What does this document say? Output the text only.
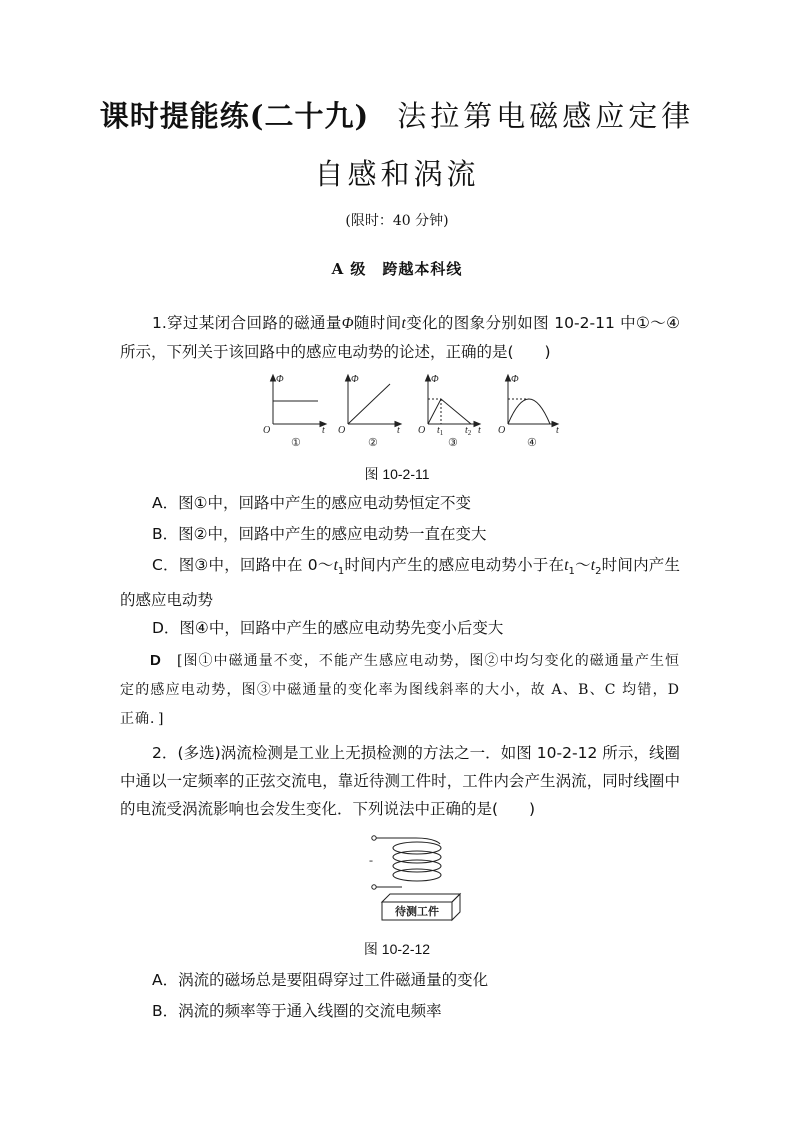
课时提能练(二十九) 法拉第电磁感应定律
自感和涡流
(限时：40 分钟)
A 级　跨越本科线
1.穿过某闭合回路的磁通量Φ随时间t变化的图象分别如图 10-2-11 中①～④所示，下列关于该回路中的感应电动势的论述，正确的是(　　)
Φ
O	t
Φ
O	t
Φ
O $t_1$ $t_2$ t
Φ
O	t
①	②	③	④
图 10-2-11
A．图①中，回路中产生的感应电动势恒定不变
B．图②中，回路中产生的感应电动势一直在变大
C．图③中，回路中在 $0\sim t_1$时间内产生的感应电动势小于在$t_1\sim t_2$时间内产生的感应电动势
D．图④中，回路中产生的感应电动势先变小后变大
D　 [图①中磁通量不变，不能产生感应电动势，图②中均匀变化的磁通量产生恒定的感应电动势，图③中磁通量的变化率为图线斜率的大小，故 A、B、C 均错，D 正确．]
2．(多选)涡流检测是工业上无损检测的方法之一．如图 10-2-12 所示，线圈中通以一定频率的正弦交流电，靠近待测工件时，工件内会产生涡流，同时线圈中的电流受涡流影响也会发生变化．下列说法中正确的是(　　)
-
待测工件
图 10-2-12
A．涡流的磁场总是要阻碍穿过工件磁通量的变化
B．涡流的频率等于通入线圈的交流电频率
